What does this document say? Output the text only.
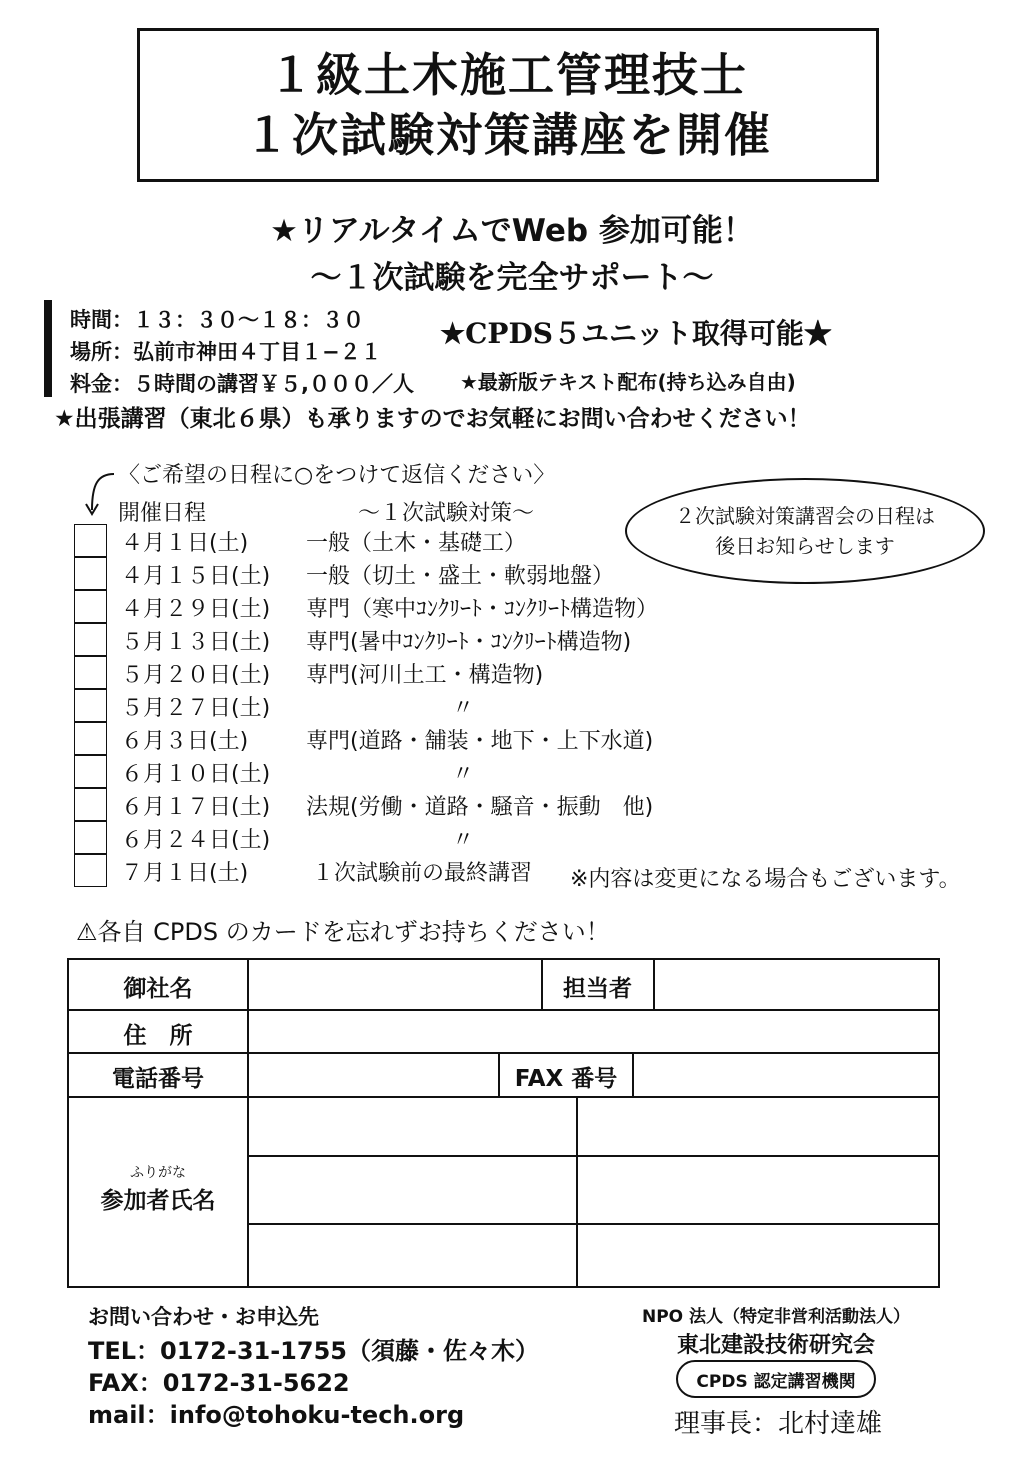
１級土木施工管理技士
１次試験対策講座を開催
★リアルタイムでWeb 参加可能！
〜１次試験を完全サポート〜
時間：１３：３０〜１８：３０
場所：弘前市神田４丁目１−２１
料金：５時間の講習￥５,０００／人
★CPDS５ユニット取得可能★
★最新版テキスト配布(持ち込み自由)
★出張講習（東北６県）も承りますのでお気軽にお問い合わせください！
〈ご希望の日程に○をつけて返信ください〉
開催日程	〜１次試験対策〜	２次試験対策講習会の日程は
後日お知らせします
４月１日(土)	一般（土木・基礎工）
４月１５日(土) 一般（切土・盛土・軟弱地盤）
４月２９日(土) 専門（寒中ｺﾝｸﾘｰﾄ・ｺﾝｸﾘｰﾄ構造物）
５月１３日(土) 専門(暑中ｺﾝｸﾘｰﾄ・ｺﾝｸﾘｰﾄ構造物)
５月２０日(土) 専門(河川土工・構造物)
５月２７日(土)	〃
６月３日(土)	専門(道路・舗装・地下・上下水道)
６月１０日(土)	〃
６月１７日(土) 法規(労働・道路・騒音・振動　他)
６月２４日(土)	〃
７月１日(土)	１次試験前の最終講習 ※内容は変更になる場合もございます。
⚠各自 CPDS のカードを忘れずお持ちください！
御社名	担当者
住　所
電話番号	FAX 番号
ふりがな
参加者氏名
お問い合わせ・お申込先
TEL：0172-31-1755（須藤・佐々木）
FAX：0172-31-5622
mail：info@tohoku-tech.org
NPO 法人（特定非営利活動法人）
東北建設技術研究会
CPDS 認定講習機関
理事長：北村達雄
